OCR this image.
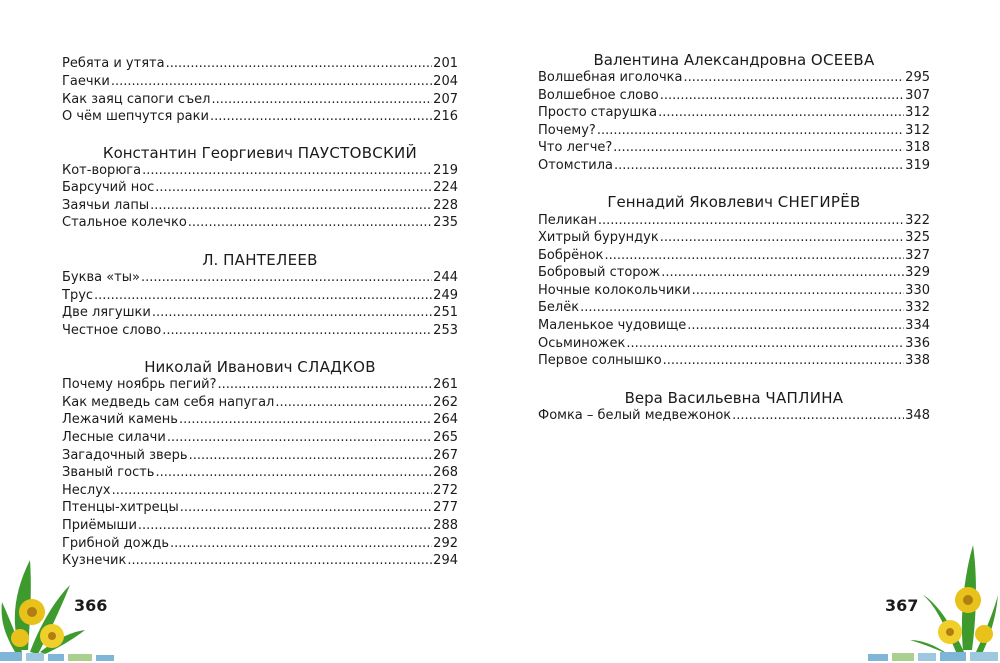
Ребята и утята .....	201
Гаечки .....	204
Как заяц сапоги съел .....	207
О чём шепчутся раки .....	216
Константин Георгиевич ПАУСТОВСКИЙ
Кот-ворюга .....	219
Барсучий нос .....	224
Заячьи лапы .....	228
Стальное колечко .....	235
Л. ПАНТЕЛЕЕВ
Буква «ты» .....	244
Трус .....	249
Две лягушки .....	251
Честное слово .....	253
Николай Иванович СЛАДКОВ
Почему ноябрь пегий? .....	261
Как медведь сам себя напугал .....	262
Лежачий камень .....	264
Лесные силачи .....	265
Загадочный зверь .....	267
Званый гость .....	268
Неслух .....	272
Птенцы-хитрецы .....	277
Приёмыши .....	288
Грибной дождь .....	292
Кузнечик .....	294
Валентина Александровна ОСЕЕВА
Волшебная иголочка .....	295
Волшебное слово .....	307
Просто старушка .....	312
Почему? .....	312
Что легче? .....	318
Отомстила .....	319
Геннадий Яковлевич СНЕГИРЁВ
Пеликан .....	322
Хитрый бурундук .....	325
Бобрёнок .....	327
Бобровый сторож .....	329
Ночные колокольчики .....	330
Белёк .....	332
Маленькое чудовище .....	334
Осьминожек .....	336
Первое солнышко .....	338
Вера Васильевна ЧАПЛИНА
Фомка – белый медвежонок .....	348
366	367
